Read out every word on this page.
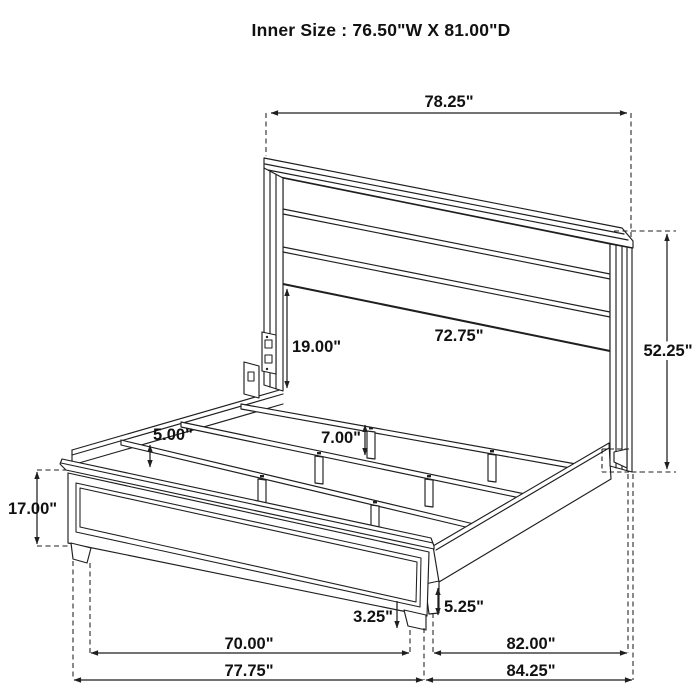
Inner Size : 76.50"W X 81.00"D
78.25"
52.25"
72.75"
19.00"
5.00"	7.00"
17.00"
3.25"
5.25"
70.00"
77.75"
82.00"
84.25"
